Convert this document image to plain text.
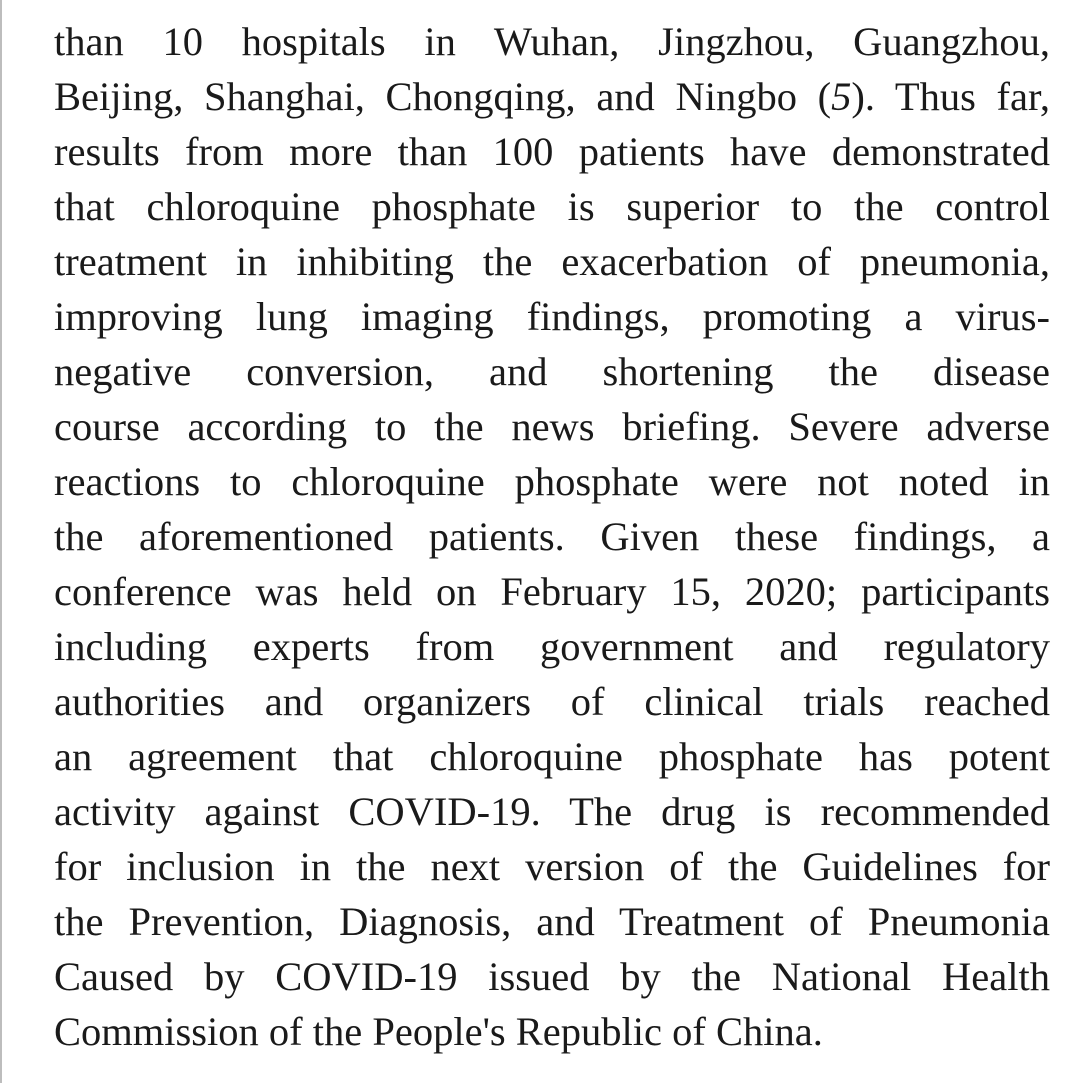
than 10 hospitals in Wuhan, Jingzhou, Guangzhou,
Beijing, Shanghai, Chongqing, and Ningbo (5). Thus far,
results from more than 100 patients have demonstrated
that chloroquine phosphate is superior to the control
treatment in inhibiting the exacerbation of pneumonia,
improving lung imaging findings, promoting a virus-
negative conversion, and shortening the disease
course according to the news briefing. Severe adverse
reactions to chloroquine phosphate were not noted in
the aforementioned patients. Given these findings, a
conference was held on February 15, 2020; participants
including experts from government and regulatory
authorities and organizers of clinical trials reached
an agreement that chloroquine phosphate has potent
activity against COVID-19. The drug is recommended
for inclusion in the next version of the Guidelines for
the Prevention, Diagnosis, and Treatment of Pneumonia
Caused by COVID-19 issued by the National Health
Commission of the People's Republic of China.
